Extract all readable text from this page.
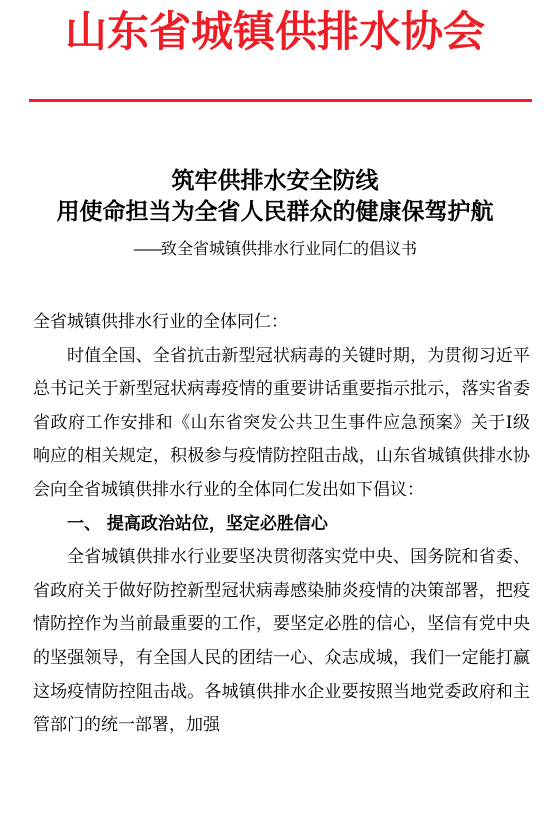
山东省城镇供排水协会
筑牢供排水安全防线
用使命担当为全省人民群众的健康保驾护航
——致全省城镇供排水行业同仁的倡议书

全省城镇供排水行业的全体同仁：

时值全国、全省抗击新型冠状病毒的关键时期，为贯彻习近平总书记关于新型冠状病毒疫情的重要讲话重要指示批示，落实省委省政府工作安排和《山东省突发公共卫生事件应急预案》关于I级响应的相关规定，积极参与疫情防控阻击战，山东省城镇供排水协会向全省城镇供排水行业的全体同仁发出如下倡议：

一、 提高政治站位，坚定必胜信心

全省城镇供排水行业要坚决贯彻落实党中央、国务院和省委、省政府关于做好防控新型冠状病毒感染肺炎疫情的决策部署，把疫情防控作为当前最重要的工作，要坚定必胜的信心，坚信有党中央的坚强领导，有全国人民的团结一心、众志成城，我们一定能打赢这场疫情防控阻击战。各城镇供排水企业要按照当地党委政府和主管部门的统一部署，加强
